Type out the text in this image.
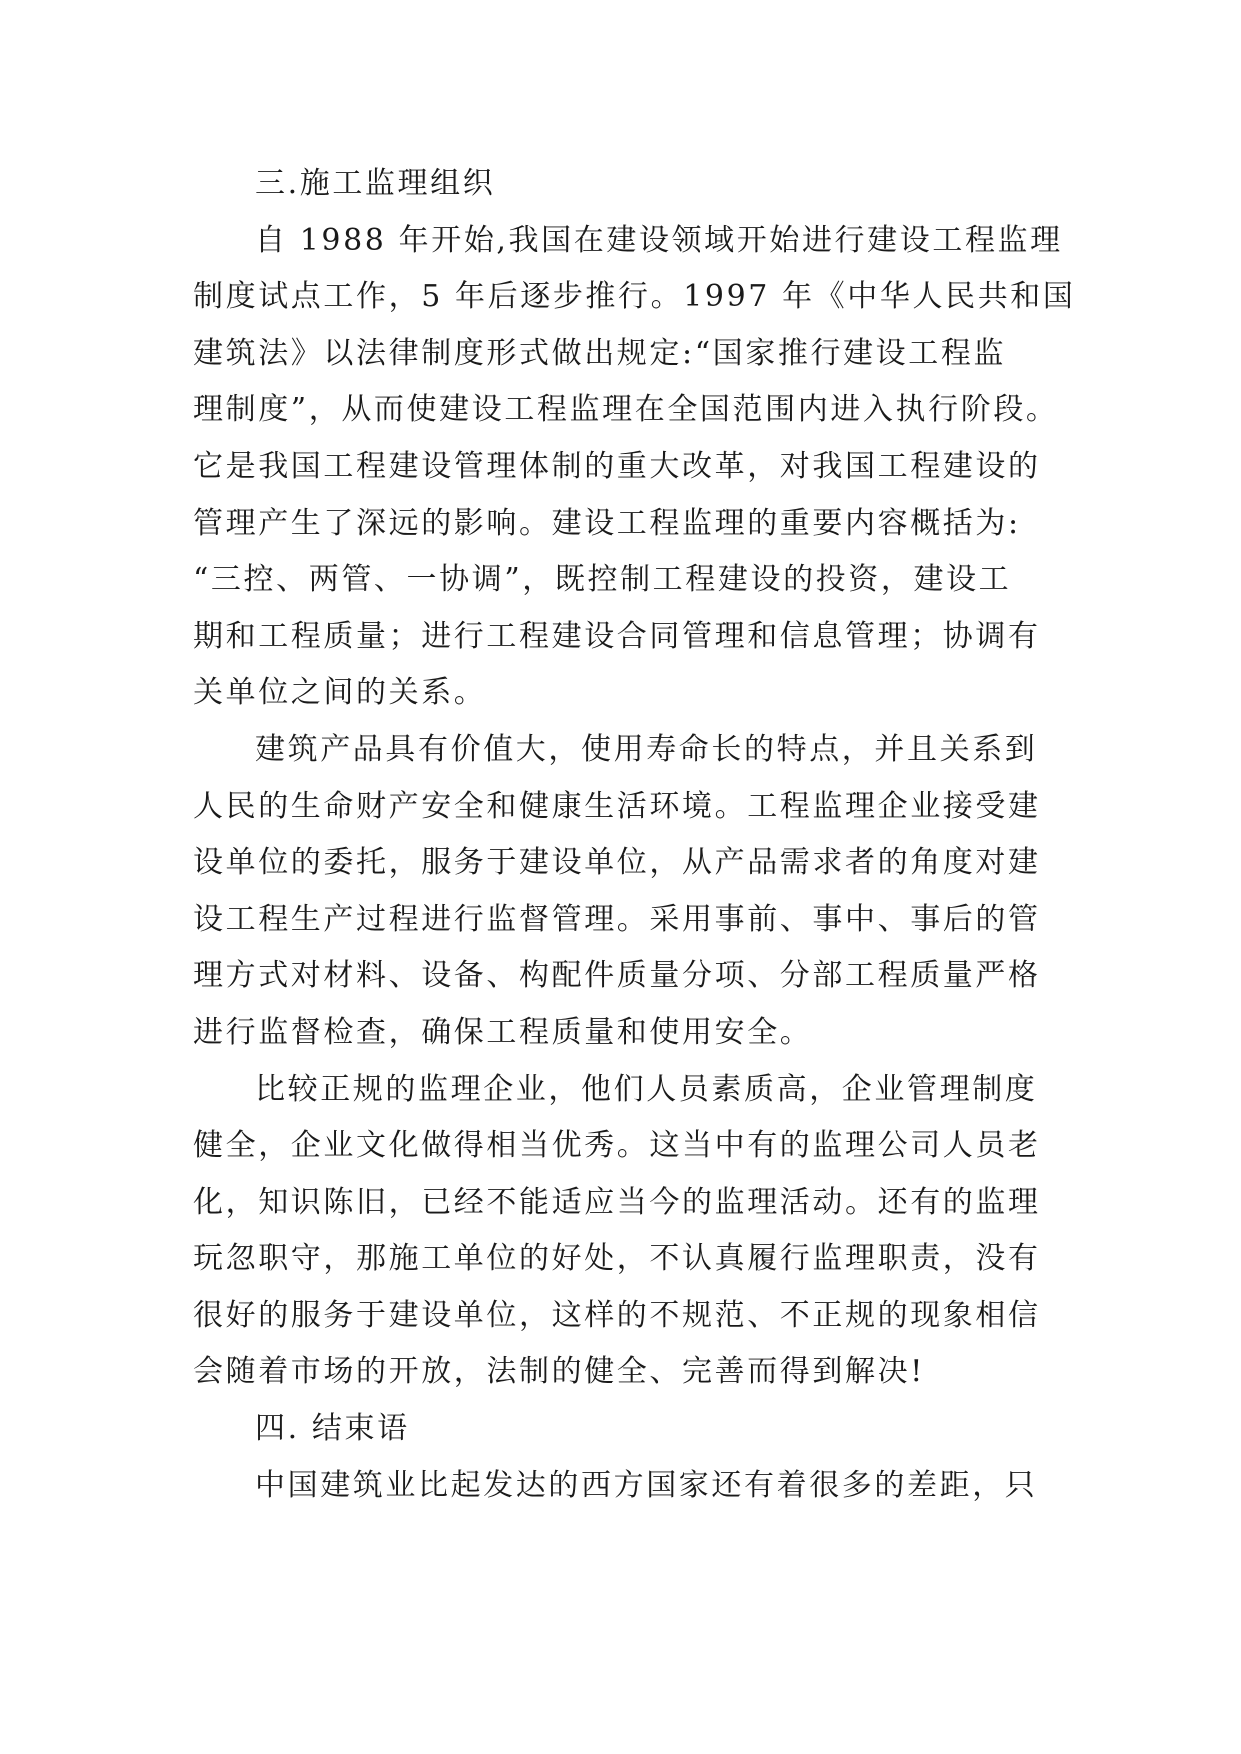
三.施工监理组织
自 1988 年开始,我国在建设领域开始进行建设工程监理
制度试点工作，5 年后逐步推行。1997 年《中华人民共和国
建筑法》以法律制度形式做出规定:“国家推行建设工程监
理制度”，从而使建设工程监理在全国范围内进入执行阶段。
它是我国工程建设管理体制的重大改革，对我国工程建设的
管理产生了深远的影响。建设工程监理的重要内容概括为:
“三控、两管、一协调”，既控制工程建设的投资，建设工
期和工程质量；进行工程建设合同管理和信息管理；协调有
关单位之间的关系。
建筑产品具有价值大，使用寿命长的特点，并且关系到
人民的生命财产安全和健康生活环境。工程监理企业接受建
设单位的委托，服务于建设单位，从产品需求者的角度对建
设工程生产过程进行监督管理。采用事前、事中、事后的管
理方式对材料、设备、构配件质量分项、分部工程质量严格
进行监督检查，确保工程质量和使用安全。
比较正规的监理企业，他们人员素质高，企业管理制度
健全，企业文化做得相当优秀。这当中有的监理公司人员老
化，知识陈旧，已经不能适应当今的监理活动。还有的监理
玩忽职守，那施工单位的好处，不认真履行监理职责，没有
很好的服务于建设单位，这样的不规范、不正规的现象相信
会随着市场的开放，法制的健全、完善而得到解决!
四. 结束语
中国建筑业比起发达的西方国家还有着很多的差距，只
